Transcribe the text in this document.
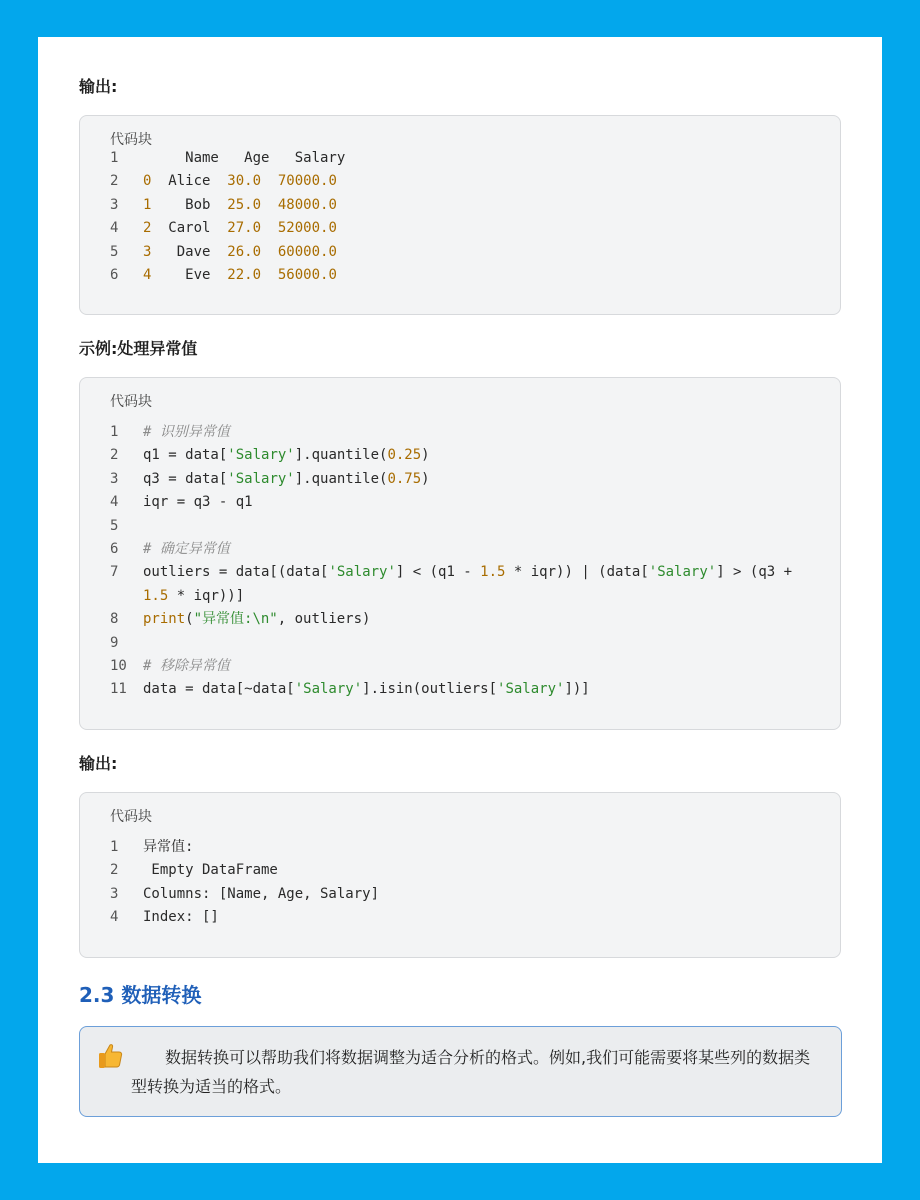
输出:
代码块
1	Name   Age   Salary
2	0  Alice  30.0 70000.0
3	1    Bob  25.0 48000.0
4	2  Carol  27.0 52000.0
5	3   Dave  26.0 60000.0
6	4    Eve  22.0 56000.0
示例:处理异常值
代码块
1	# 识别异常值
2	q1 = data['Salary'].quantile(0.25)
3	q3 = data['Salary'].quantile(0.75)
4	iqr = q3 - q1
5
6	# 确定异常值
7	outliers = data[(data['Salary'] < (q1 - 1.5 * iqr)) | (data['Salary'] > (q3 +
1.5 * iqr))]
8	print("异常值:\n", outliers)
9
10 # 移除异常值
11 data = data[~data['Salary'].isin(outliers['Salary'])]
输出:
代码块
1	异常值:
2	Empty DataFrame
3	Columns: [Name, Age, Salary]
4	Index: []
2.3 数据转换
数据转换可以帮助我们将数据调整为适合分析的格式。例如,我们可能需要将某些列的数据类型转换为适当的格式。
